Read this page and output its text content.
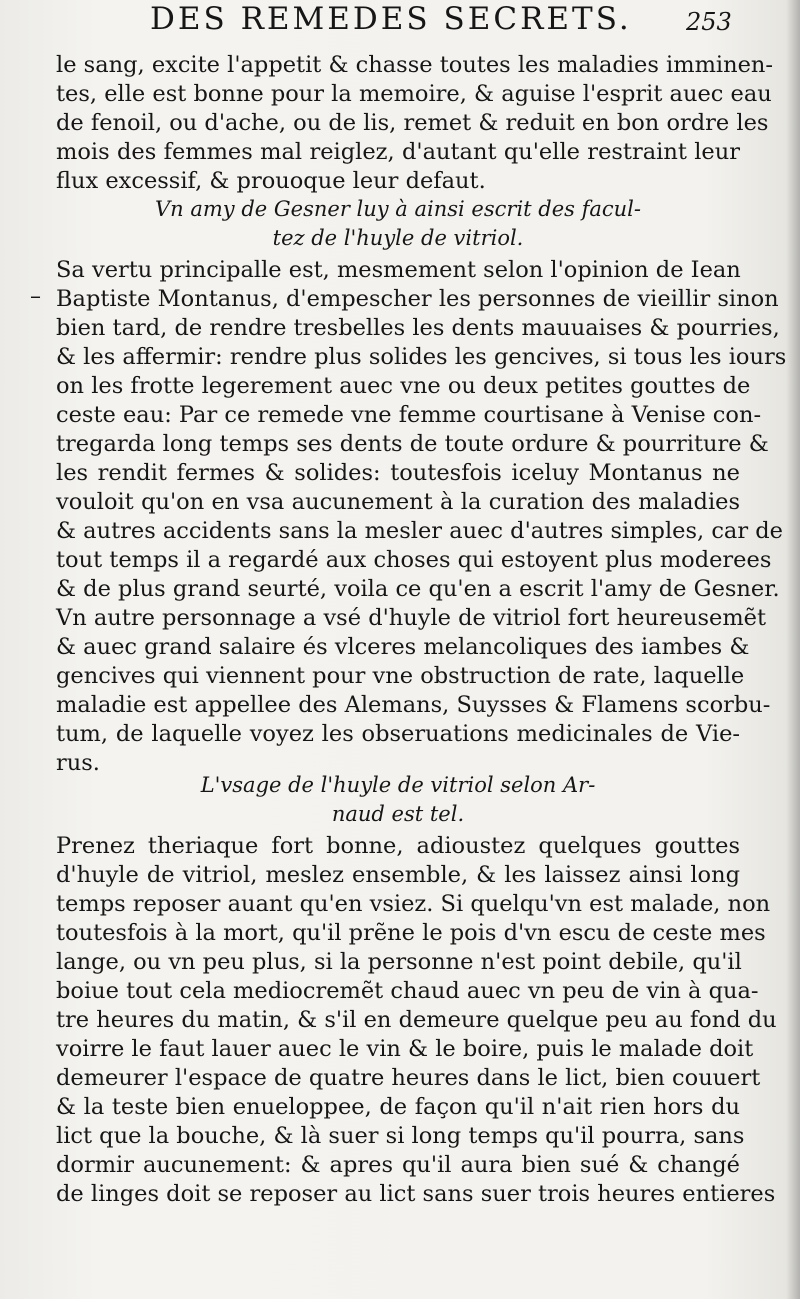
DES REMEDES SECRETS. 253
–
le sang, excite l'appetit & chasse toutes les maladies imminen-
tes, elle est bonne pour la memoire, & aguise l'esprit auec eau
de fenoil, ou d'ache, ou de lis, remet & reduit en bon ordre les
mois des femmes mal reiglez, d'autant qu'elle restraint leur
flux excessif, & prouoque leur defaut.
Vn amy de Gesner luy à ainsi escrit des facul-
tez de l'huyle de vitriol.
Sa vertu principalle est, mesmement selon l'opinion de Iean
Baptiste Montanus, d'empescher les personnes de vieillir sinon
bien tard, de rendre tresbelles les dents mauuaises & pourries,
& les affermir: rendre plus solides les gencives, si tous les iours
on les frotte legerement auec vne ou deux petites gouttes de
ceste eau: Par ce remede vne femme courtisane à Venise con-
tregarda long temps ses dents de toute ordure & pourriture &
les rendit fermes & solides: toutesfois iceluy Montanus ne
vouloit qu'on en vsa aucunement à la curation des maladies
& autres accidents sans la mesler auec d'autres simples, car de
tout temps il a regardé aux choses qui estoyent plus moderees
& de plus grand seurté, voila ce qu'en a escrit l'amy de Gesner.
Vn autre personnage a vsé d'huyle de vitriol fort heureusemẽt
& auec grand salaire és vlceres melancoliques des iambes &
gencives qui viennent pour vne obstruction de rate, laquelle
maladie est appellee des Alemans, Suysses & Flamens scorbu-
tum, de laquelle voyez les obseruations medicinales de Vie-
rus.
L'vsage de l'huyle de vitriol selon Ar-
naud est tel.
Prenez theriaque fort bonne, adioustez quelques gouttes
d'huyle de vitriol, meslez ensemble, & les laissez ainsi long
temps reposer auant qu'en vsiez. Si quelqu'vn est malade, non
toutesfois à la mort, qu'il prẽne le pois d'vn escu de ceste mes
lange, ou vn peu plus, si la personne n'est point debile, qu'il
boiue tout cela mediocremẽt chaud auec vn peu de vin à qua-
tre heures du matin, & s'il en demeure quelque peu au fond du
voirre le faut lauer auec le vin & le boire, puis le malade doit
demeurer l'espace de quatre heures dans le lict, bien couuert
& la teste bien enueloppee, de façon qu'il n'ait rien hors du
lict que la bouche, & là suer si long temps qu'il pourra, sans
dormir aucunement: & apres qu'il aura bien sué & changé
de linges doit se reposer au lict sans suer trois heures entieres
